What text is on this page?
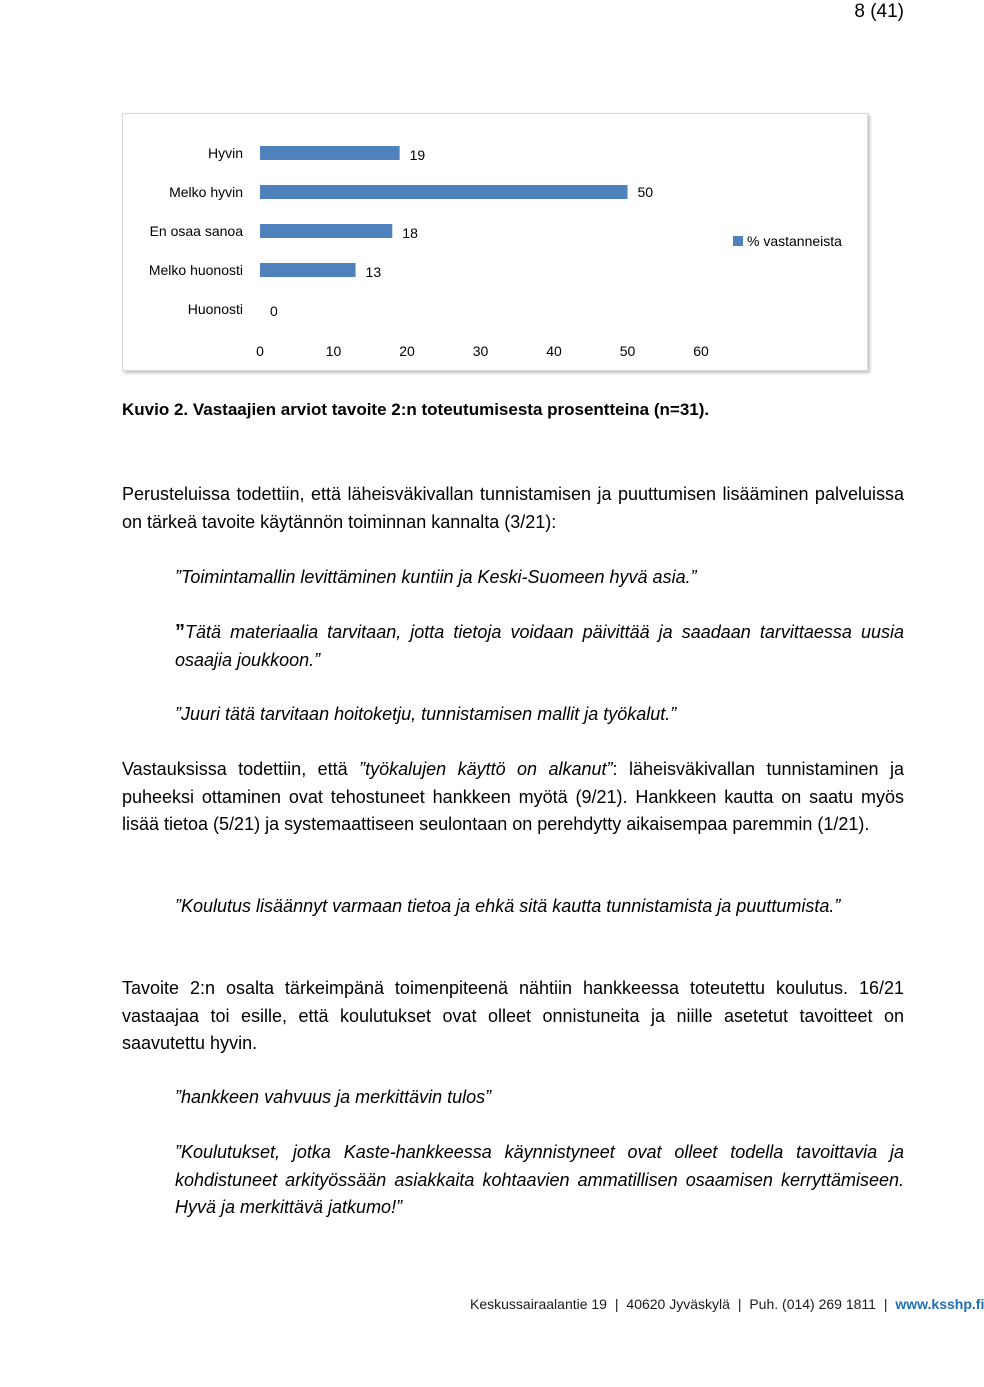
8 (41)
Hyvin	19
Melko hyvin	50
En osaa sanoa	18
Melko huonosti	13
Huonosti 0
0	10	20	30	40	50	60
% vastanneista
Kuvio 2. Vastaajien arviot tavoite 2:n toteutumisesta prosentteina (n=31).
Perusteluissa todettiin, että läheisväkivallan tunnistamisen ja puuttumisen lisääminen palveluissa on tärkeä tavoite käytännön toiminnan kannalta (3/21):
”Toimintamallin levittäminen kuntiin ja Keski-Suomeen hyvä asia.”
”Tätä materiaalia tarvitaan, jotta tietoja voidaan päivittää ja saadaan tarvittaessa uusia osaajia joukkoon.”
”Juuri tätä tarvitaan hoitoketju, tunnistamisen mallit ja työkalut.”
Vastauksissa todettiin, että ”työkalujen käyttö on alkanut”: läheisväkivallan tunnistaminen ja puheeksi ottaminen ovat tehostuneet hankkeen myötä (9/21). Hankkeen kautta on saatu myös lisää tietoa (5/21) ja systemaattiseen seulontaan on perehdytty aikaisempaa paremmin (1/21).
”Koulutus lisäännyt varmaan tietoa ja ehkä sitä kautta tunnistamista ja puuttumista.”
Tavoite 2:n osalta tärkeimpänä toimenpiteenä nähtiin hankkeessa toteutettu koulutus. 16/21 vastaajaa toi esille, että koulutukset ovat olleet onnistuneita ja niille asetetut tavoitteet on saavutettu hyvin.
”hankkeen vahvuus ja merkittävin tulos”
”Koulutukset, jotka Kaste-hankkeessa käynnistyneet ovat olleet todella tavoittavia ja kohdistuneet arkityössään asiakkaita kohtaavien ammatillisen osaamisen kerryttämiseen. Hyvä ja merkittävä jatkumo!”
Keskussairaalantie 19 | 40620 Jyväskylä | Puh. (014) 269 1811 | www.ksshp.fi
